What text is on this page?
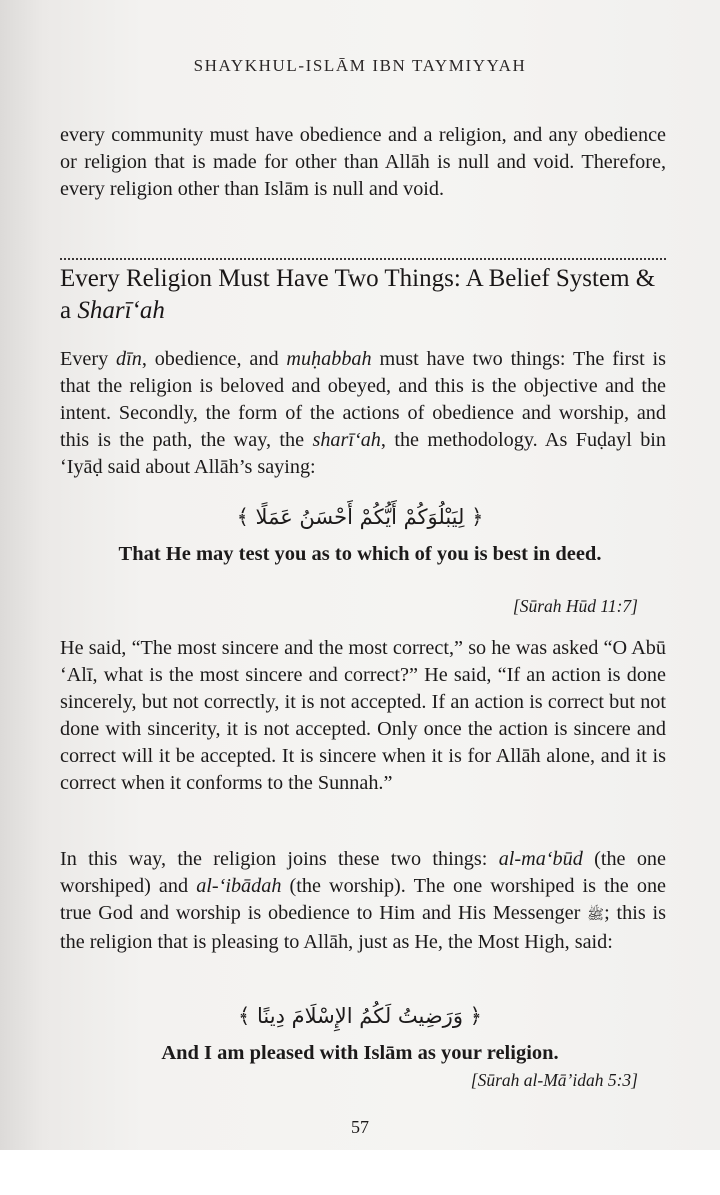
SHAYKHUL-ISLĀM IBN TAYMIYYAH

every community must have obedience and a religion, and any obedience or religion that is made for other than Allāh is null and void. Therefore, every religion other than Islām is null and void.

Every Religion Must Have Two Things: A Belief System & a Sharī‘ah

Every dīn, obedience, and muḥabbah must have two things: The first is that the religion is beloved and obeyed, and this is the objective and the intent. Secondly, the form of the actions of obedience and worship, and this is the path, the way, the sharī‘ah, the methodology. As Fuḍayl bin ‘Iyāḍ said about Allāh’s saying:

﴿ لِيَبْلُوَكُمْ أَيُّكُمْ أَحْسَنُ عَمَلًا ﴾
That He may test you as to which of you is best in deed.
[Sūrah Hūd 11:7]

He said, “The most sincere and the most correct,” so he was asked “O Abū ‘Alī, what is the most sincere and correct?” He said, “If an action is done sincerely, but not correctly, it is not accepted. If an action is correct but not done with sincerity, it is not accepted. Only once the action is sincere and correct will it be accepted. It is sincere when it is for Allāh alone, and it is correct when it conforms to the Sunnah.”

In this way, the religion joins these two things: al-ma‘būd (the one worshiped) and al-‘ibādah (the worship). The one worshiped is the one true God and worship is obedience to Him and His Messenger ﷺ; this is the religion that is pleasing to Allāh, just as He, the Most High, said:

﴿ وَرَضِيتُ لَكُمُ الإِسْلَامَ دِينًا ﴾
And I am pleased with Islām as your religion.
[Sūrah al-Mā’idah 5:3]
57
